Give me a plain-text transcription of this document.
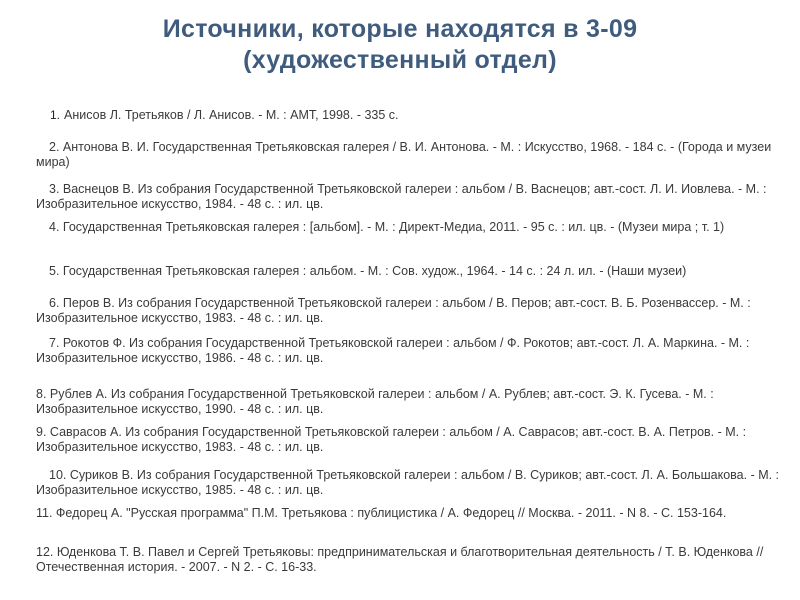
Источники, которые находятся в 3-09
(художественный отдел)
1. Анисов Л. Третьяков / Л. Анисов. - М. : АМТ, 1998. - 335 с.
2. Антонова В. И. Государственная Третьяковская галерея / В. И. Антонова. - М. : Искусство, 1968. - 184 с. - (Города и музеи мира)
3. Васнецов В. Из собрания Государственной Третьяковской галереи : альбом / В. Васнецов; авт.-сост. Л. И. Иовлева. - М. : Изобразительное искусство, 1984. - 48 с. : ил. цв.
4. Государственная Третьяковская галерея : [альбом]. - М. : Директ-Медиа, 2011. - 95 с. : ил. цв. - (Музеи мира ; т. 1)
5. Государственная Третьяковская галерея : альбом. - М. : Сов. худож., 1964. - 14 с. : 24 л. ил. - (Наши музеи)
6. Перов В. Из собрания Государственной Третьяковской галереи : альбом / В. Перов; авт.-сост. В. Б. Розенвассер. - М. : Изобразительное искусство, 1983. - 48 с. : ил. цв.
7. Рокотов Ф. Из собрания Государственной Третьяковской галереи : альбом / Ф. Рокотов; авт.-сост. Л. А. Маркина. - М. : Изобразительное искусство, 1986. - 48 с. : ил. цв.
8. Рублев А. Из собрания Государственной Третьяковской галереи : альбом / А. Рублев; авт.-сост. Э. К. Гусева. - М. : Изобразительное искусство, 1990. - 48 с. : ил. цв.
9. Саврасов А. Из собрания Государственной Третьяковской галереи : альбом / А. Саврасов; авт.-сост. В. А. Петров. - М. : Изобразительное искусство, 1983. - 48 с. : ил. цв.
10. Суриков В. Из собрания Государственной Третьяковской галереи : альбом / В. Суриков; авт.-сост. Л. А. Большакова. - М. : Изобразительное искусство, 1985. - 48 с. : ил. цв.
11. Федорец А. "Русская программа" П.М. Третьякова : публицистика / А. Федорец // Москва. - 2011. - N 8. - С. 153-164.
12. Юденкова Т. В. Павел и Сергей Третьяковы: предпринимательская и благотворительная деятельность / Т. В. Юденкова // Отечественная история. - 2007. - N 2. - С. 16-33.
